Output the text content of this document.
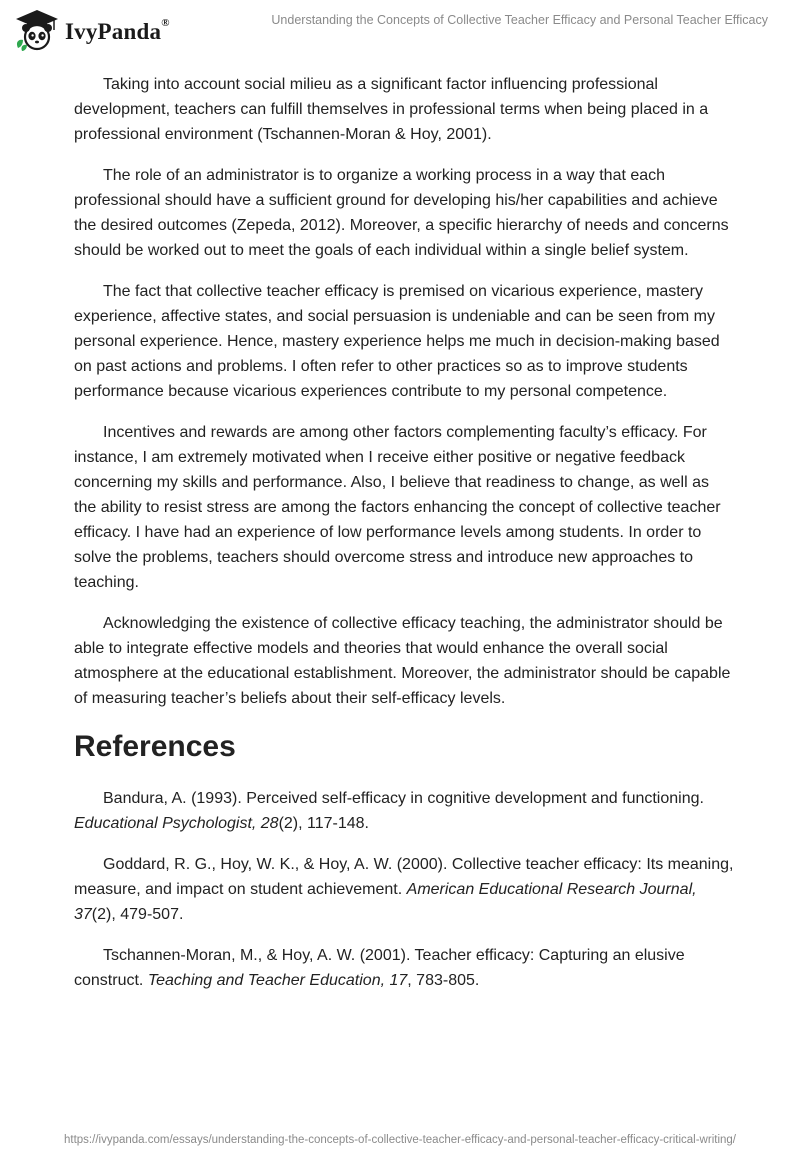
IvyPanda®	Understanding the Concepts of Collective Teacher Efficacy and Personal Teacher Efficacy

Taking into account social milieu as a significant factor influencing professional development, teachers can fulfill themselves in professional terms when being placed in a professional environment (Tschannen-Moran & Hoy, 2001).

The role of an administrator is to organize a working process in a way that each professional should have a sufficient ground for developing his/her capabilities and achieve the desired outcomes (Zepeda, 2012). Moreover, a specific hierarchy of needs and concerns should be worked out to meet the goals of each individual within a single belief system.

The fact that collective teacher efficacy is premised on vicarious experience, mastery experience, affective states, and social persuasion is undeniable and can be seen from my personal experience. Hence, mastery experience helps me much in decision-making based on past actions and problems. I often refer to other practices so as to improve students performance because vicarious experiences contribute to my personal competence.

Incentives and rewards are among other factors complementing faculty’s efficacy. For instance, I am extremely motivated when I receive either positive or negative feedback concerning my skills and performance. Also, I believe that readiness to change, as well as the ability to resist stress are among the factors enhancing the concept of collective teacher efficacy. I have had an experience of low performance levels among students. In order to solve the problems, teachers should overcome stress and introduce new approaches to teaching.

Acknowledging the existence of collective efficacy teaching, the administrator should be able to integrate effective models and theories that would enhance the overall social atmosphere at the educational establishment. Moreover, the administrator should be capable of measuring teacher’s beliefs about their self-efficacy levels.

References

Bandura, A. (1993). Perceived self-efficacy in cognitive development and functioning. Educational Psychologist, 28(2), 117-148.

Goddard, R. G., Hoy, W. K., & Hoy, A. W. (2000). Collective teacher efficacy: Its meaning, measure, and impact on student achievement. American Educational Research Journal, 37(2), 479-507.

Tschannen-Moran, M., & Hoy, A. W. (2001). Teacher efficacy: Capturing an elusive construct. Teaching and Teacher Education, 17, 783-805.

https://ivypanda.com/essays/understanding-the-concepts-of-collective-teacher-efficacy-and-personal-teacher-efficacy-critical-writing/
